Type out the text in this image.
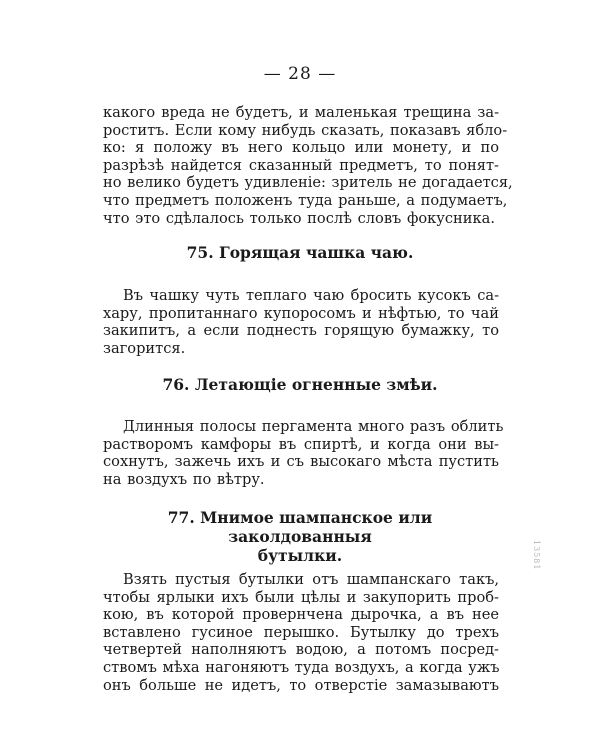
— 28 —
какого вреда не будетъ, и маленькая трещина за-
роститъ. Если кому нибудь сказать, показавъ ябло-
ко: я положу въ него кольцо или монету, и по
разрѣзѣ найдется сказанный предметъ, то понят-
но велико будетъ удивленіе: зритель не догадается,
что предметъ положенъ туда раньше, а подумаетъ,
что это сдѣлалось только послѣ словъ фокусника.
75. Горящая чашка чаю.
Въ чашку чуть теплаго чаю бросить кусокъ са-
хару, пропитаннаго купоросомъ и нѣфтью, то чай
закипитъ, а если поднесть горящую бумажку, то
загорится.
76. Летающіе огненные змѣи.
Длинныя полосы пергамента много разъ облить
растворомъ камфоры въ спиртѣ, и когда они вы-
сохнутъ, зажечь ихъ и съ высокаго мѣста пустить
на воздухъ по вѣтру.
77. Мнимое шампанское или заколдованныя
бутылки.
Взять пустыя бутылки отъ шампанскаго такъ,
чтобы ярлыки ихъ были цѣлы и закупорить проб-
кою, въ которой провернчена дырочка, а въ нее
вставлено гусиное перышко. Бутылку до трехъ
четвертей наполняютъ водою, а потомъ посред-
ствомъ мѣха нагоняютъ туда воздухъ, а когда ужъ
онъ больше не идетъ, то отверстіе замазываютъ
13581
